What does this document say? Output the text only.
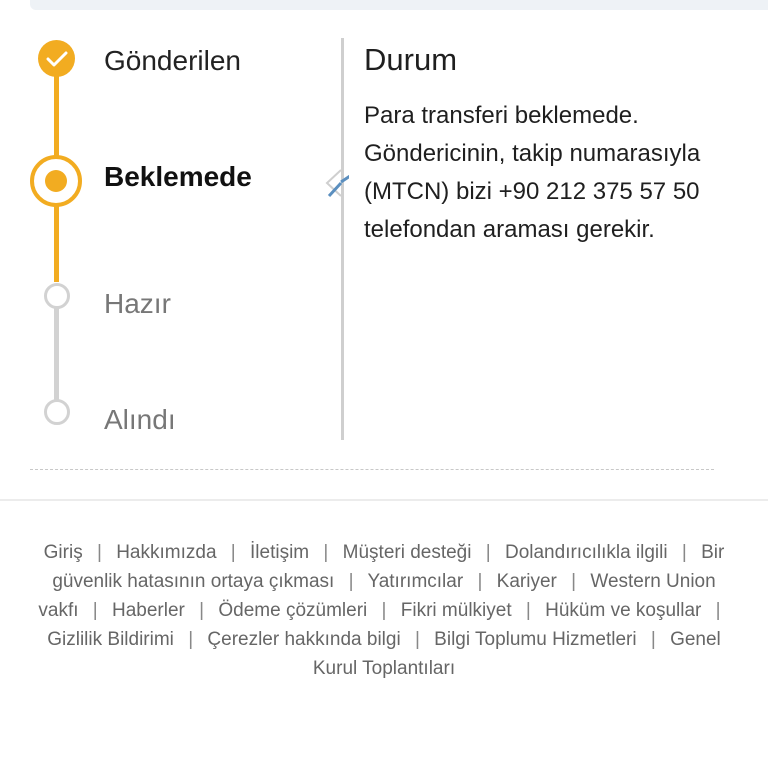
Gönderilen
Beklemede
Hazır
Alındı
Durum
Para transferi beklemede. Göndericinin, takip numarasıyla (MTCN) bizi +90 212 375 57 50 telefondan araması gerekir.
Giriş | Hakkımızda | İletişim | Müşteri desteği | Dolandırıcılıkla ilgili | Bir güvenlik hatasının ortaya çıkması | Yatırımcılar | Kariyer | Western Union vakfı | Haberler | Ödeme çözümleri | Fikri mülkiyet | Hüküm ve koşullar | Gizlilik Bildirimi | Çerezler hakkında bilgi | Bilgi Toplumu Hizmetleri | Genel Kurul Toplantıları
